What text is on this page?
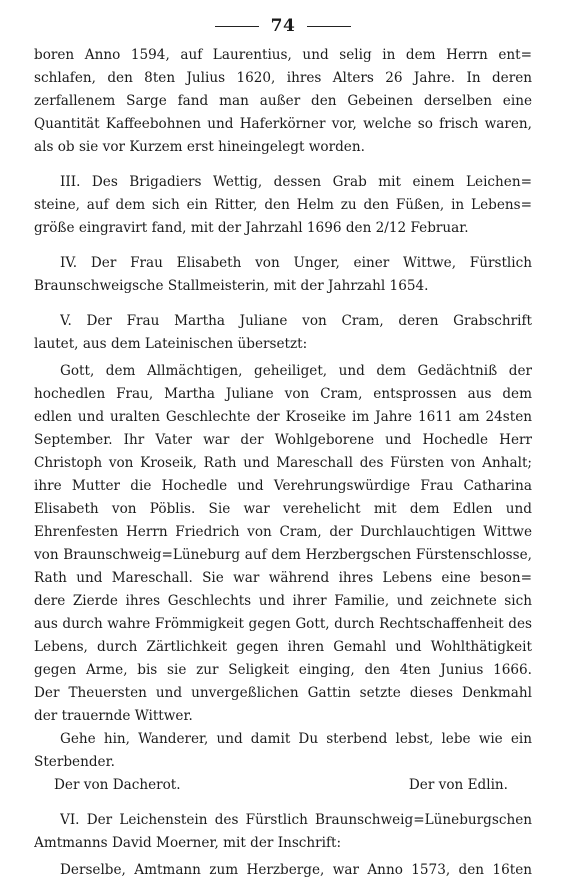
74
boren Anno 1594, auf Laurentius, und selig in dem Herrn ent=
schlafen, den 8ten Julius 1620, ihres Alters 26 Jahre. In deren
zerfallenem Sarge fand man außer den Gebeinen derselben eine
Quantität Kaffeebohnen und Haferkörner vor, welche so frisch waren,
als ob sie vor Kurzem erst hineingelegt worden.
III. Des Brigadiers Wettig, dessen Grab mit einem Leichen=
steine, auf dem sich ein Ritter, den Helm zu den Füßen, in Lebens=
größe eingravirt fand, mit der Jahrzahl 1696 den 2/12 Februar.
IV. Der Frau Elisabeth von Unger, einer Wittwe, Fürstlich
Braunschweigsche Stallmeisterin, mit der Jahrzahl 1654.
V. Der Frau Martha Juliane von Cram, deren Grabschrift
lautet, aus dem Lateinischen übersetzt:
Gott, dem Allmächtigen, geheiliget, und dem Gedächtniß der
hochedlen Frau, Martha Juliane von Cram, entsprossen aus dem
edlen und uralten Geschlechte der Kroseike im Jahre 1611 am 24sten
September. Ihr Vater war der Wohlgeborene und Hochedle Herr
Christoph von Kroseik, Rath und Mareschall des Fürsten von Anhalt;
ihre Mutter die Hochedle und Verehrungswürdige Frau Catharina
Elisabeth von Pöblis. Sie war verehelicht mit dem Edlen und
Ehrenfesten Herrn Friedrich von Cram, der Durchlauchtigen Wittwe
von Braunschweig=Lüneburg auf dem Herzbergschen Fürstenschlosse,
Rath und Mareschall. Sie war während ihres Lebens eine beson=
dere Zierde ihres Geschlechts und ihrer Familie, und zeichnete sich
aus durch wahre Frömmigkeit gegen Gott, durch Rechtschaffenheit des
Lebens, durch Zärtlichkeit gegen ihren Gemahl und Wohlthätigkeit
gegen Arme, bis sie zur Seligkeit einging, den 4ten Junius 1666.
Der Theuersten und unvergeßlichen Gattin setzte dieses Denkmahl
der trauernde Wittwer.
Gehe hin, Wanderer, und damit Du sterbend lebst, lebe wie ein
Sterbender.
Der von Dacherot.	Der von Edlin.
VI. Der Leichenstein des Fürstlich Braunschweig=Lüneburgschen
Amtmanns David Moerner, mit der Inschrift:
Derselbe, Amtmann zum Herzberge, war Anno 1573, den 16ten
